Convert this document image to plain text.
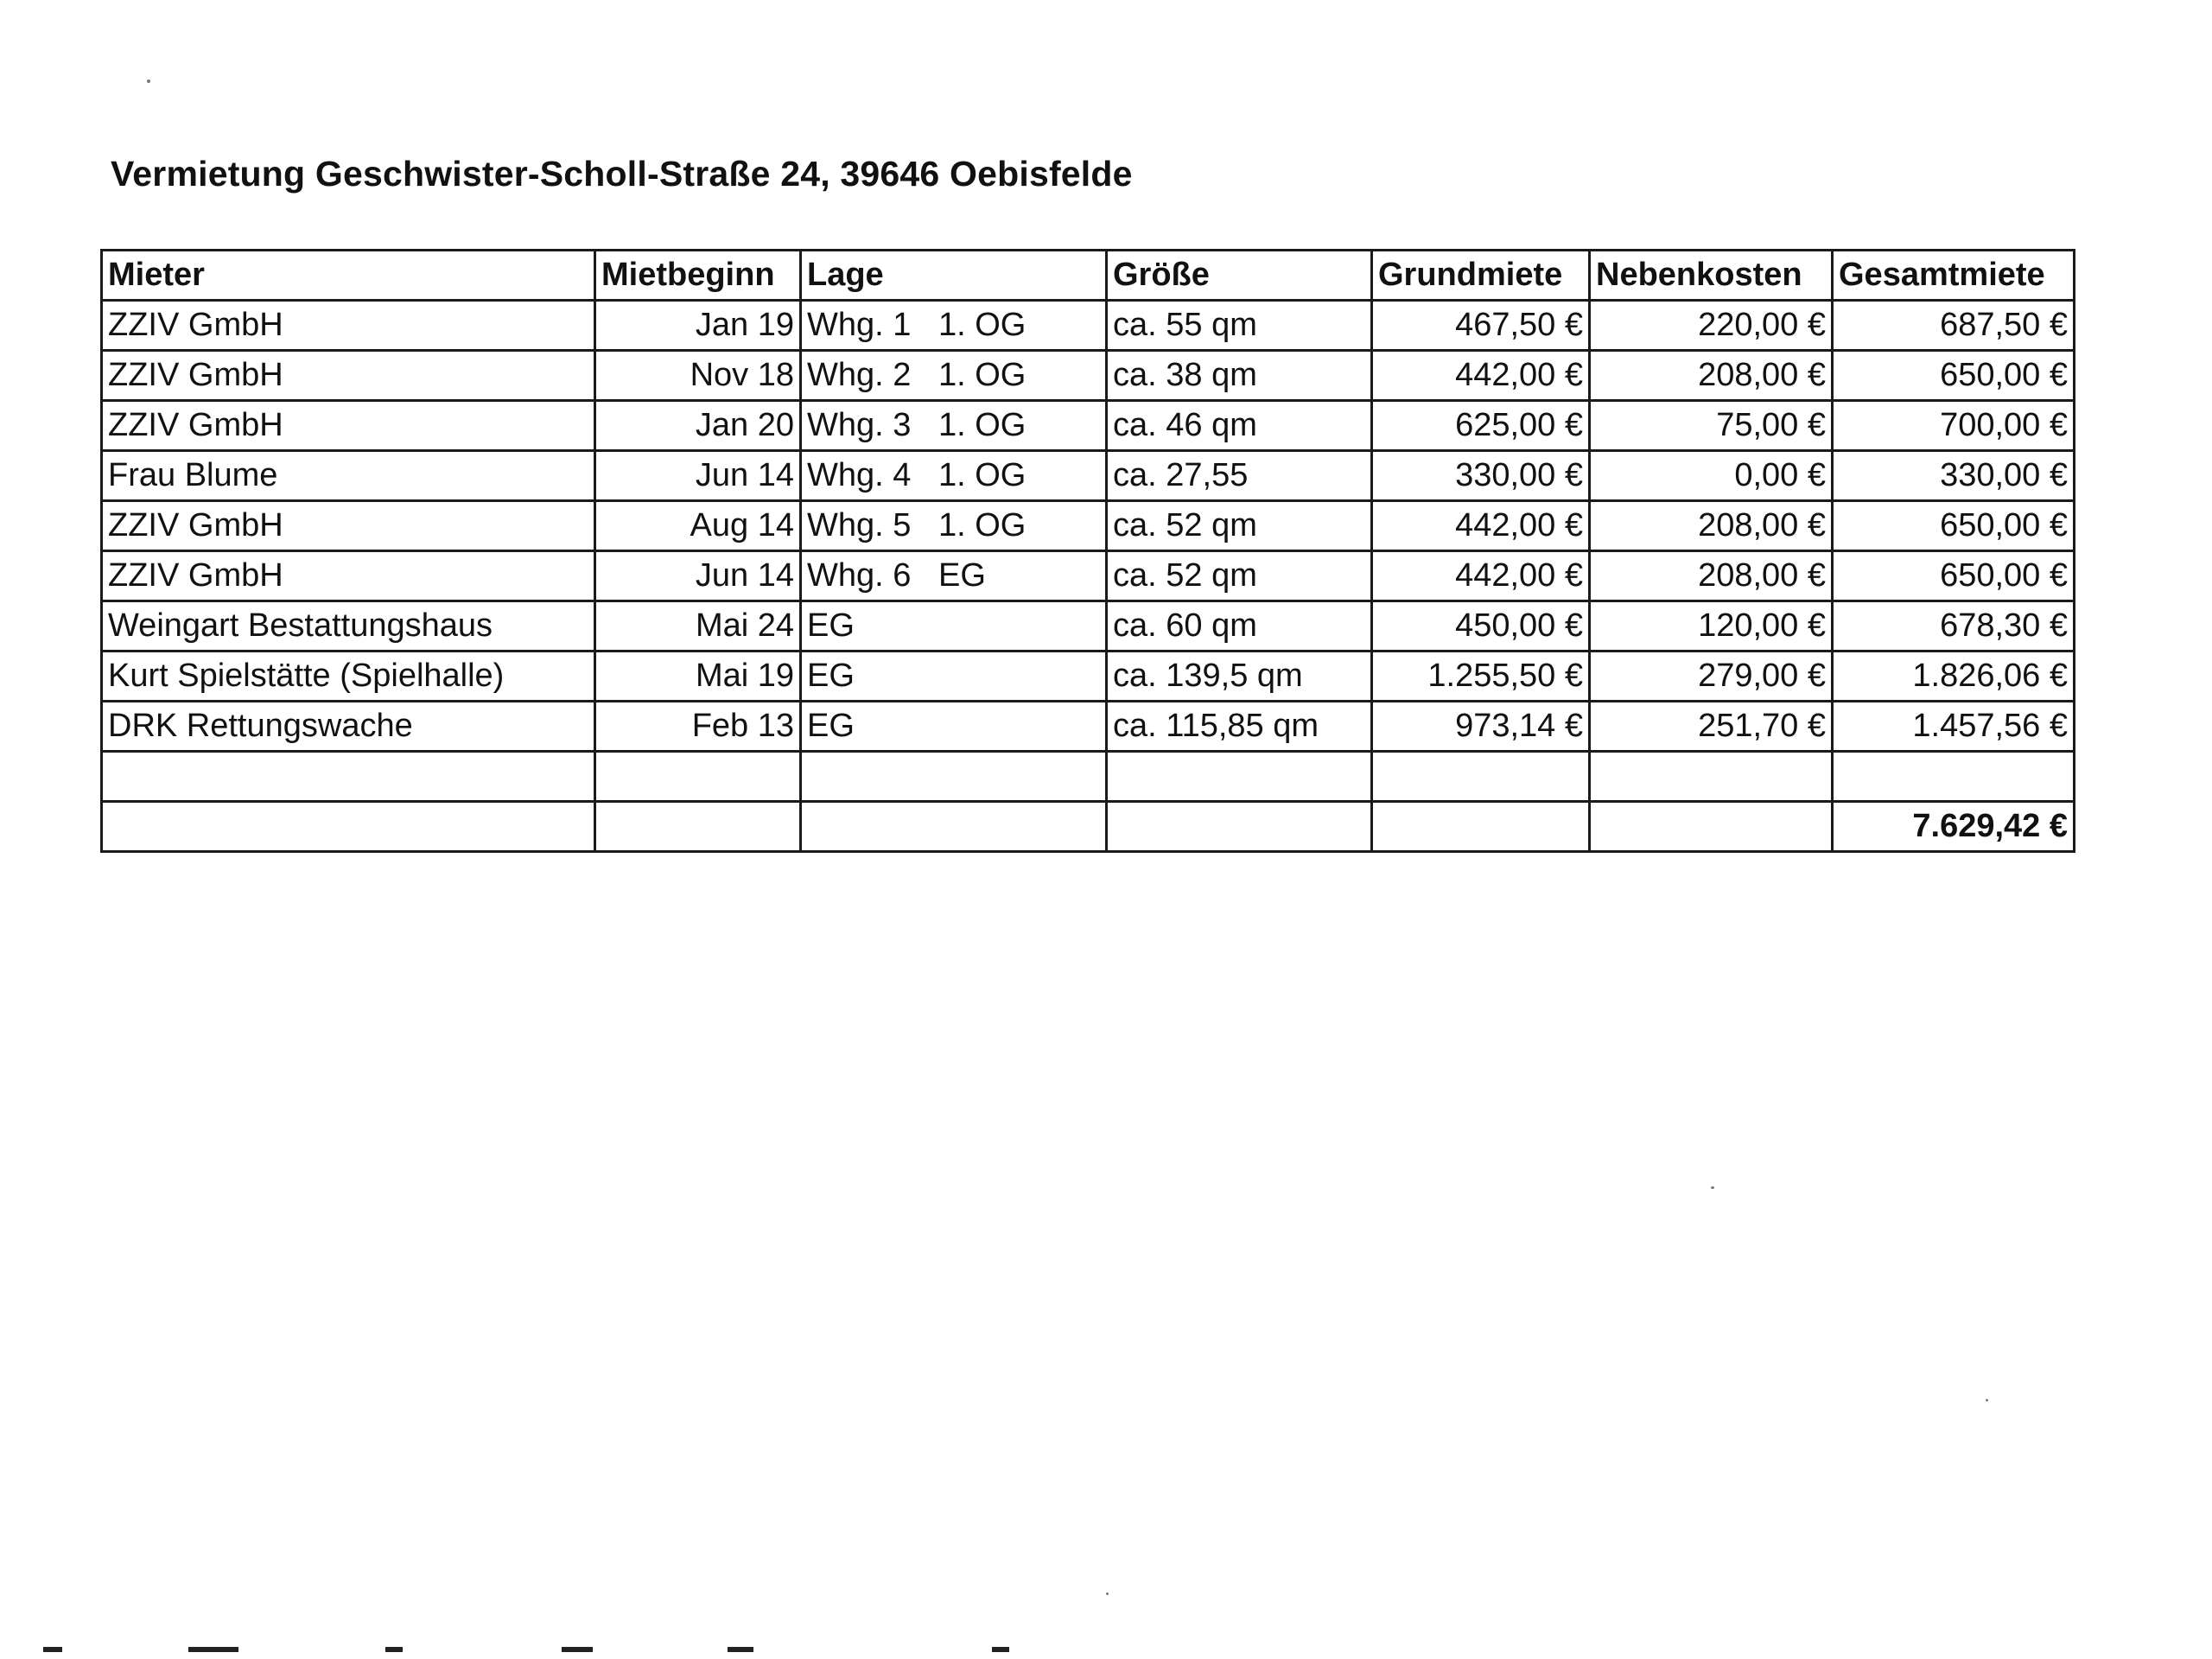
Vermietung Geschwister-Scholl-Straße 24, 39646 Oebisfelde
Mieter	Mietbeginn	Lage	Größe	Grundmiete	Nebenkosten	Gesamtmiete
ZZIV GmbH	Jan 19	Whg. 1 1. OG	ca. 55 qm	467,50 €	220,00 €	687,50 €
ZZIV GmbH	Nov 18	Whg. 2 1. OG	ca. 38 qm	442,00 €	208,00 €	650,00 €
ZZIV GmbH	Jan 20	Whg. 3 1. OG	ca. 46 qm	625,00 €	75,00 €	700,00 €
Frau Blume	Jun 14	Whg. 4 1. OG	ca. 27,55	330,00 €	0,00 €	330,00 €
ZZIV GmbH	Aug 14	Whg. 5 1. OG	ca. 52 qm	442,00 €	208,00 €	650,00 €
ZZIV GmbH	Jun 14	Whg. 6 EG	ca. 52 qm	442,00 €	208,00 €	650,00 €
Weingart Bestattungshaus	Mai 24	EG	ca. 60 qm	450,00 €	120,00 €	678,30 €
Kurt Spielstätte (Spielhalle)	Mai 19	EG	ca. 139,5 qm	1.255,50 €	279,00 €	1.826,06 €
DRK Rettungswache	Feb 13	EG	ca. 115,85 qm	973,14 €	251,70 €	1.457,56 €

						7.629,42 €
